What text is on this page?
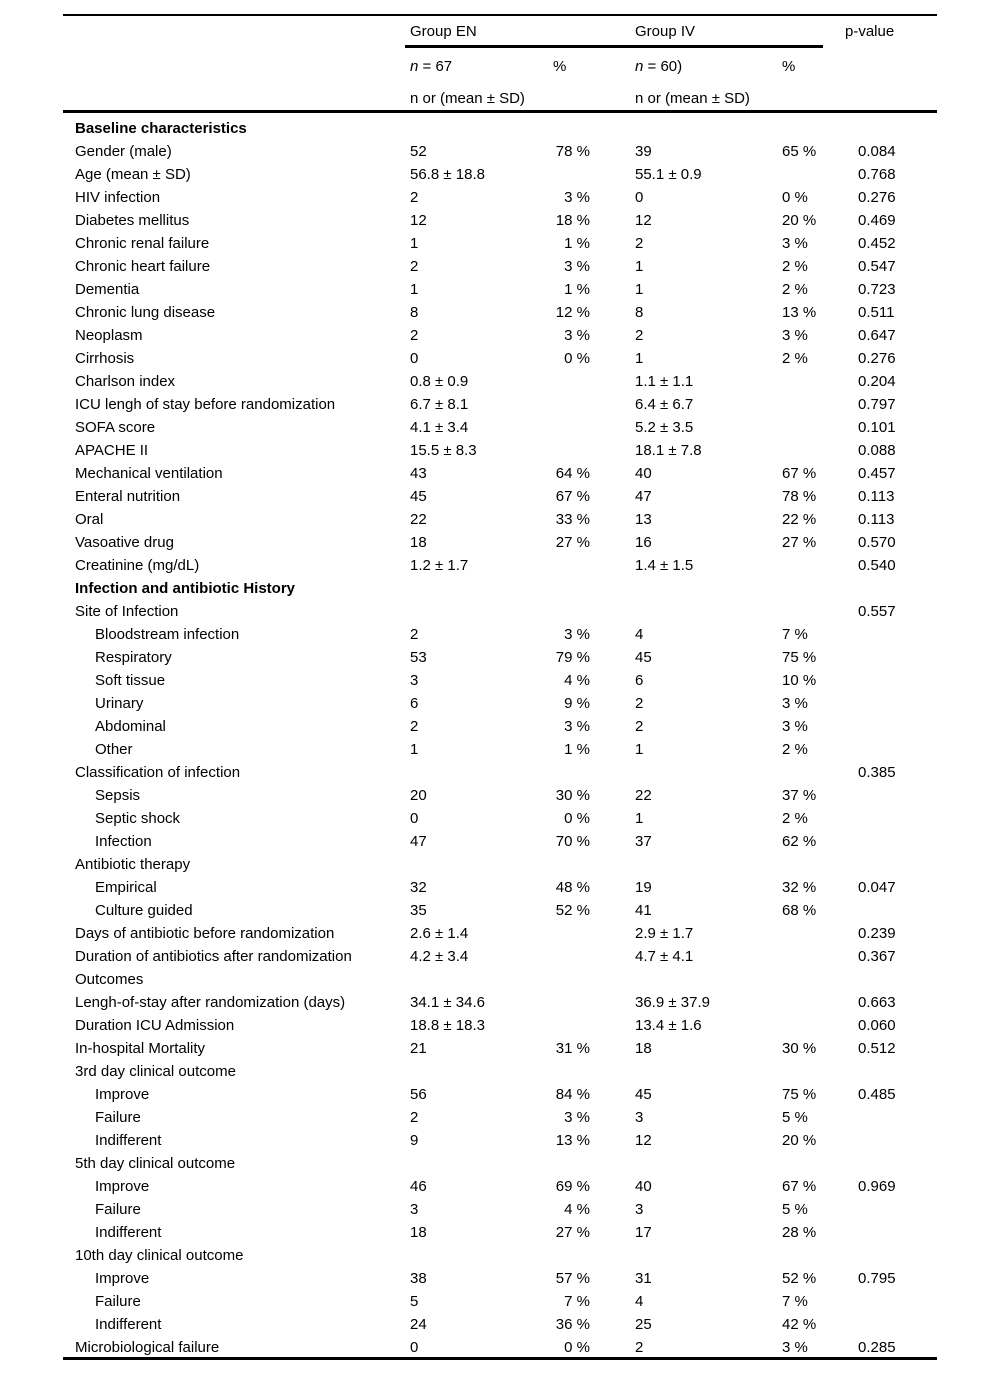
Group EN	Group IV	p-value
n = 67	%	n = 60)	%
n or (mean ± SD)	n or (mean ± SD)
Baseline characteristics
Gender (male)	52	78 %	39	65 %	0.084
Age (mean ± SD)	56.8 ± 18.8	55.1 ± 0.9	0.768
HIV infection	2	3 %	0	0 %	0.276
Diabetes mellitus	12	18 %	12	20 %	0.469
Chronic renal failure	1	1 %	2	3 %	0.452
Chronic heart failure	2	3 %	1	2 %	0.547
Dementia	1	1 %	1	2 %	0.723
Chronic lung disease	8	12 %	8	13 %	0.511
Neoplasm	2	3 %	2	3 %	0.647
Cirrhosis	0	0 %	1	2 %	0.276
Charlson index	0.8 ± 0.9	1.1 ± 1.1	0.204
ICU lengh of stay before randomization	6.7 ± 8.1	6.4 ± 6.7	0.797
SOFA score	4.1 ± 3.4	5.2 ± 3.5	0.101
APACHE II	15.5 ± 8.3	18.1 ± 7.8	0.088
Mechanical ventilation	43	64 %	40	67 %	0.457
Enteral nutrition	45	67 %	47	78 %	0.113
Oral	22	33 %	13	22 %	0.113
Vasoative drug	18	27 %	16	27 %	0.570
Creatinine (mg/dL)	1.2 ± 1.7	1.4 ± 1.5	0.540
Infection and antibiotic History
Site of Infection	0.557
Bloodstream infection	2	3 %	4	7 %
Respiratory	53	79 %	45	75 %
Soft tissue	3	4 %	6	10 %
Urinary	6	9 %	2	3 %
Abdominal	2	3 %	2	3 %
Other	1	1 %	1	2 %
Classification of infection	0.385
Sepsis	20	30 %	22	37 %
Septic shock	0	0 %	1	2 %
Infection	47	70 %	37	62 %
Antibiotic therapy
Empirical	32	48 %	19	32 %	0.047
Culture guided	35	52 %	41	68 %
Days of antibiotic before randomization	2.6 ± 1.4	2.9 ± 1.7	0.239
Duration of antibiotics after randomization	4.2 ± 3.4	4.7 ± 4.1	0.367
Outcomes
Lengh-of-stay after randomization (days)	34.1 ± 34.6	36.9 ± 37.9	0.663
Duration ICU Admission	18.8 ± 18.3	13.4 ± 1.6	0.060
In-hospital Mortality	21	31 %	18	30 %	0.512
3rd day clinical outcome
Improve	56	84 %	45	75 %	0.485
Failure	2	3 %	3	5 %
Indifferent	9	13 %	12	20 %
5th day clinical outcome
Improve	46	69 %	40	67 %	0.969
Failure	3	4 %	3	5 %
Indifferent	18	27 %	17	28 %
10th day clinical outcome
Improve	38	57 %	31	52 %	0.795
Failure	5	7 %	4	7 %
Indifferent	24	36 %	25	42 %
Microbiological failure	0	0 %	2	3 %	0.285
